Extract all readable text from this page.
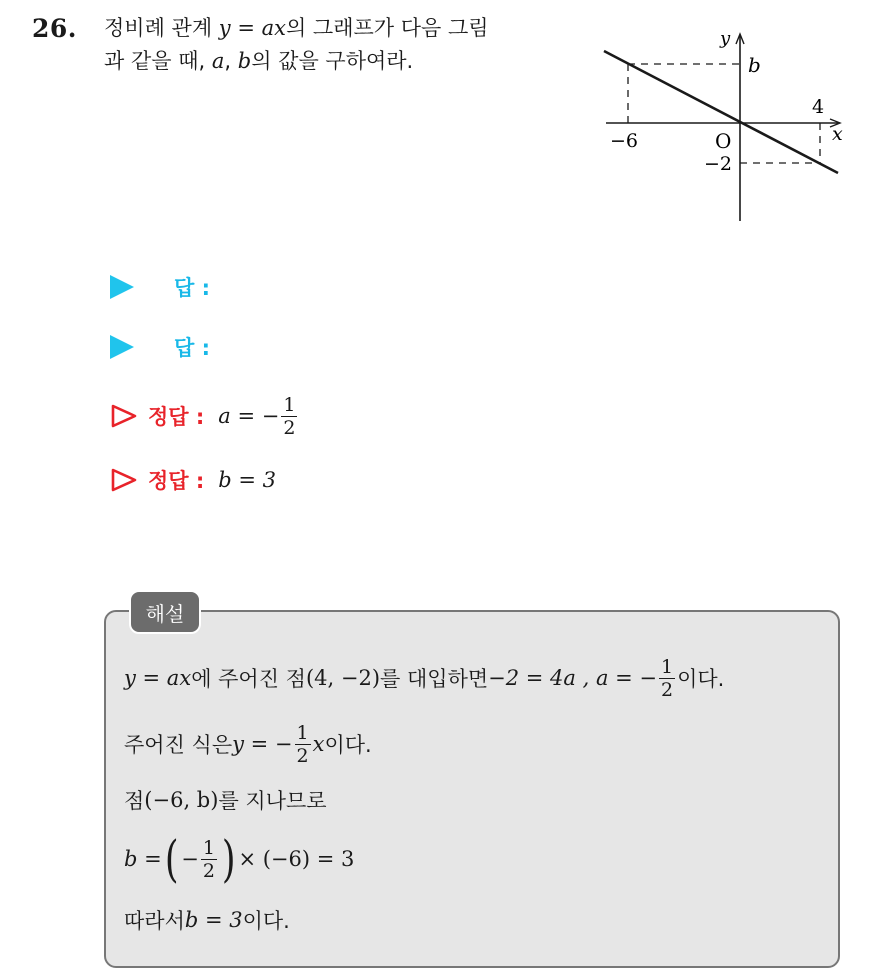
26. 정비례 관계 y = ax의 그래프가 다음 그림
과 같을 때, a, b의 값을 구하여라.
y
x
O
b
−6
4
−2
답 :
답 :
정답 : a = − $\frac{1}{2}$
정답 : b = 3
해설
y = ax 에 주어진 점 (4, −2) 를 대입하면 −2 = 4a , a = − $\frac{1}{2}$ 이다.
주어진 식은 y = − $\frac{1}{2}$ x 이다.
점 (−6, b) 를 지나므로
b = ( − $\frac{1}{2}$ ) × (−6) = 3
따라서 b = 3 이다.
